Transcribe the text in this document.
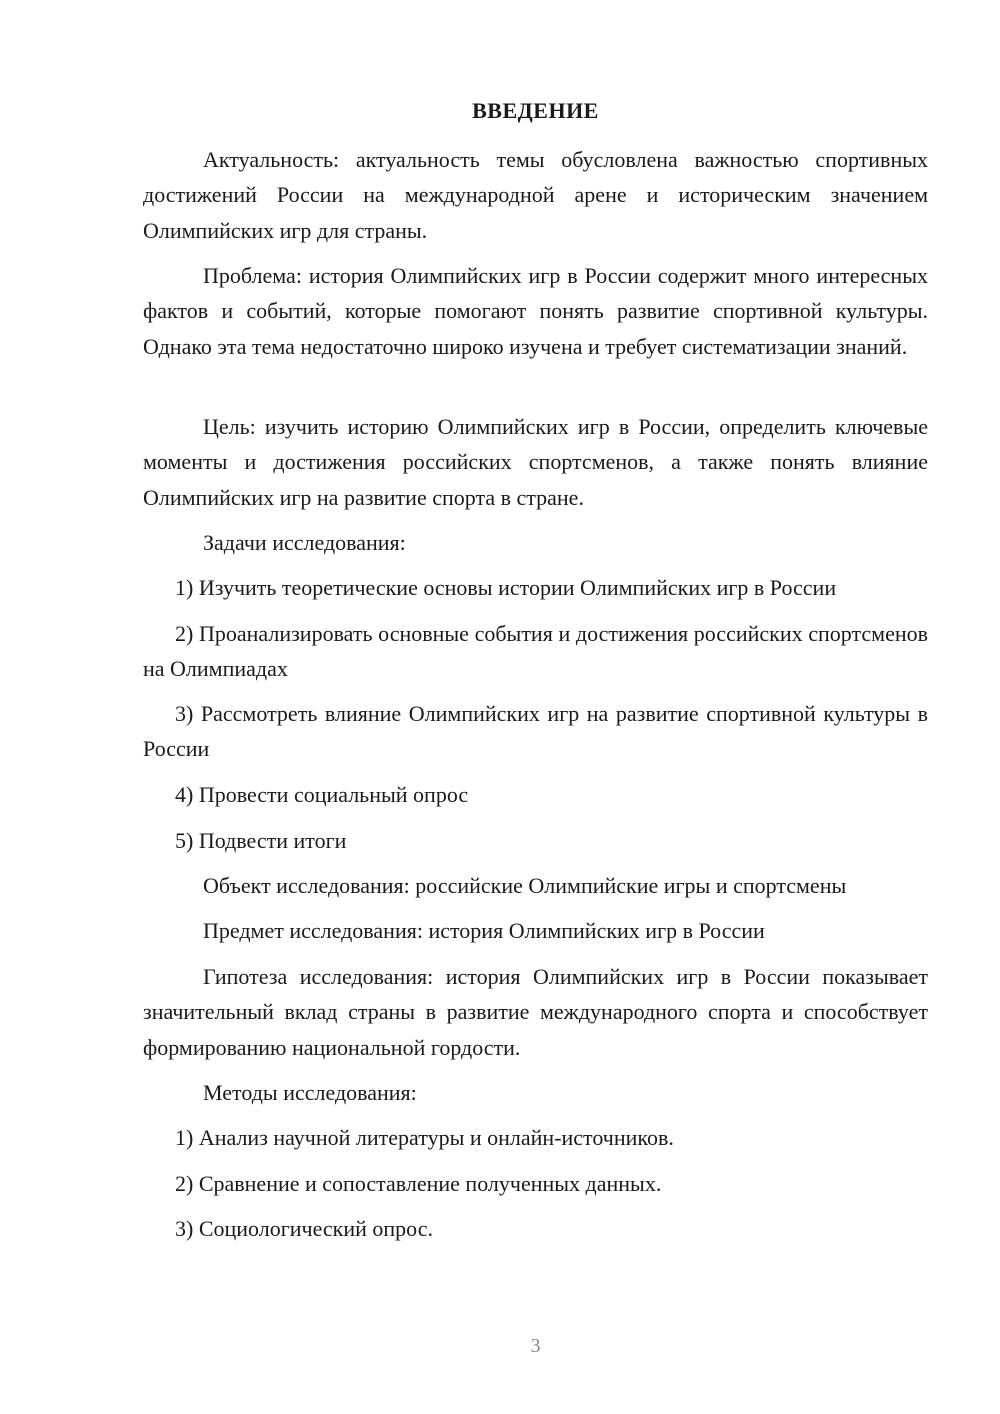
ВВЕДЕНИЕ

Актуальность: актуальность темы обусловлена важностью спортивных достижений России на международной арене и историческим значением Олимпийских игр для страны.

Проблема: история Олимпийских игр в России содержит много интересных фактов и событий, которые помогают понять развитие спортивной культуры. Однако эта тема недостаточно широко изучена и требует систематизации знаний.

Цель: изучить историю Олимпийских игр в России, определить ключевые моменты и достижения российских спортсменов, а также понять влияние Олимпийских игр на развитие спорта в стране.

Задачи исследования:

1) Изучить теоретические основы истории Олимпийских игр в России

2) Проанализировать основные события и достижения российских спортсменов на Олимпиадах

3) Рассмотреть влияние Олимпийских игр на развитие спортивной культуры в России

4) Провести социальный опрос

5) Подвести итоги

Объект исследования: российские Олимпийские игры и спортсмены

Предмет исследования: история Олимпийских игр в России

Гипотеза исследования: история Олимпийских игр в России показывает значительный вклад страны в развитие международного спорта и способствует формированию национальной гордости.

Методы исследования:

1) Анализ научной литературы и онлайн-источников.

2) Сравнение и сопоставление полученных данных.

3) Социологический опрос.

3
